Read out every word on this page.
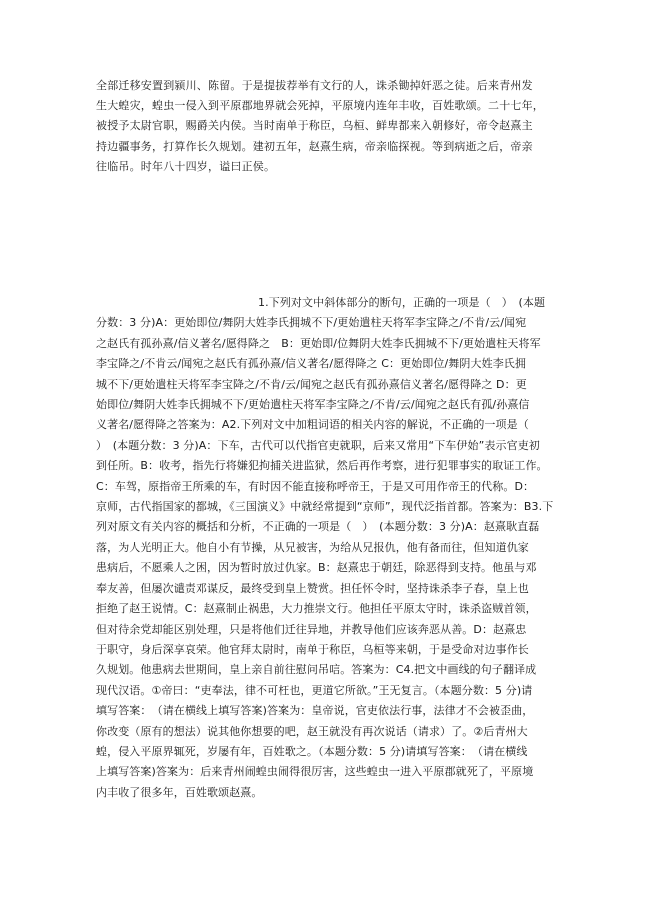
全部迁移安置到颍川、陈留。于是提拔荐举有文行的人，诛杀锄掉奸恶之徒。后来青州发
生大蝗灾，蝗虫一侵入到平原郡地界就会死掉，平原境内连年丰收，百姓歌颂。二十七年，
被授予太尉官职，赐爵关内侯。当时南单于称臣，乌桓、鲜卑都来入朝修好，帝令赵熹主
持边疆事务，打算作长久规划。建初五年，赵熹生病，帝亲临探视。等到病逝之后，帝亲
往临吊。时年八十四岁，谥曰正侯。
1.下列对文中斜体部分的断句，正确的一项是（　）　(本题
分数：3 分)A：更始即位/舞阴大姓李氏拥城不下/更始遣柱天将军李宝降之/不肯/云/闻宛
之赵氏有孤孙熹/信义著名/愿得降之　B：更始即/位舞阴大姓李氏拥城不下/更始遣柱天将军
李宝降之/不肯云/闻宛之赵氏有孤孙熹/信义著名/愿得降之 C：更始即位/舞阴大姓李氏拥
城不下/更始遣柱天将军李宝降之/不肯/云/闻宛之赵氏有孤孙熹信义著名/愿得降之 D：更
始即位/舞阴大姓李氏拥城不下/更始遣柱天将军李宝降之/不肯/云/闻宛之赵氏有孤/孙熹信
义著名/愿得降之答案为：A2.下列对文中加粗词语的相关内容的解说，不正确的一项是（
）　(本题分数：3 分)A：下车，古代可以代指官吏就职，后来又常用“下车伊始”表示官吏初
到任所。B：收考，指先行将嫌犯拘捕关进监狱，然后再作考察，进行犯罪事实的取证工作。
C：车驾，原指帝王所乘的车，有时因不能直接称呼帝王，于是又可用作帝王的代称。D：
京师，古代指国家的都城，《三国演义》中就经常提到“京师”，现代泛指首都。答案为：B3.下
列对原文有关内容的概括和分析，不正确的一项是（　）　(本题分数：3 分)A：赵熹耿直磊
落，为人光明正大。他自小有节操，从兄被害，为给从兄报仇，他有备而往，但知道仇家
患病后，不愿乘人之困，因为暂时放过仇家。B：赵熹忠于朝廷，除恶得到支持。他虽与邓
奉友善，但屡次谴责邓谋反，最终受到皇上赞赏。担任怀令时，坚持诛杀李子春，皇上也
拒绝了赵王说情。C：赵熹制止祸患，大力推崇文行。他担任平原太守时，诛杀盗贼首领，
但对待余党却能区别处理，只是将他们迁往异地，并教导他们应该奔恶从善。D：赵熹忠
于职守，身后深享哀荣。他官拜太尉时，南单于称臣，乌桓等来朝，于是受命对边事作长
久规划。他患病去世期间，皇上亲自前往慰问吊唁。答案为：C4.把文中画线的句子翻译成
现代汉语。①帝曰：“吏奉法，律不可枉也，更道它所欲。”王无复言。（本题分数：5 分)请
填写答案：　（请在横线上填写答案)答案为：皇帝说，官吏依法行事，法律才不会被歪曲，
你改变（原有的想法）说其他你想要的吧，赵王就没有再次说话（请求）了。②后青州大
蝗，侵入平原界辄死，岁屡有年，百姓歌之。（本题分数：5 分)请填写答案：　（请在横线
上填写答案)答案为：后来青州闹蝗虫闹得很厉害，这些蝗虫一进入平原郡就死了，平原境
内丰收了很多年，百姓歌颂赵熹。
